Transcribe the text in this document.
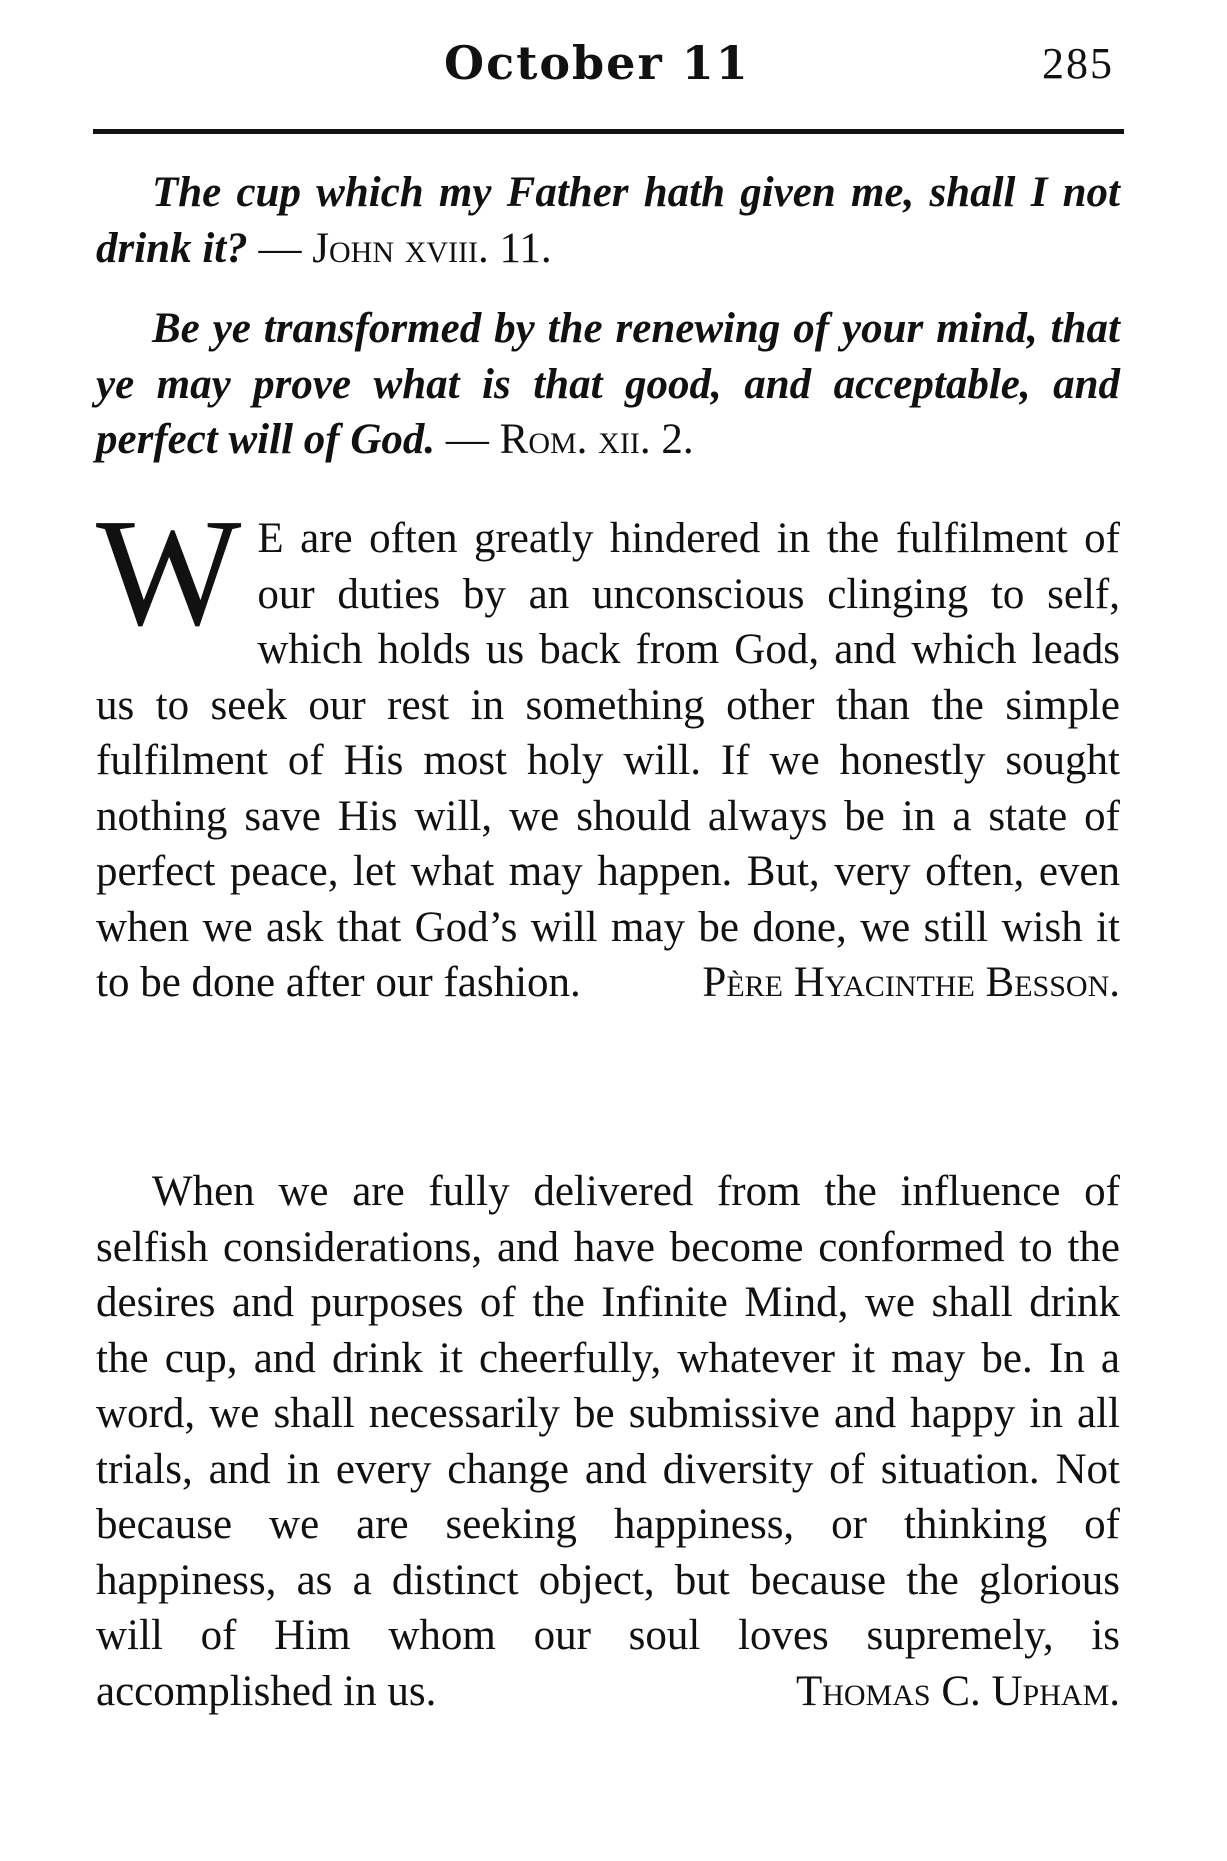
October 11	285

The cup which my Father hath given me, shall I not drink it? — John xviii. 11.

Be ye transformed by the renewing of your mind, that ye may prove what is that good, and acceptable, and perfect will of God. — Rom. xii. 2.

W E are often greatly hindered in the fulfilment of our duties by an unconscious clinging to self, which holds us back from God, and which leads us to seek our rest in something other than the simple fulfilment of His most holy will. If we honestly sought nothing save His will, we should always be in a state of perfect peace, let what may happen. But, very often, even when we ask that God’s will may be done, we still wish it to be done after our fashion.	Père Hyacinthe Besson.

When we are fully delivered from the influence of selfish considerations, and have become conformed to the desires and purposes of the Infinite Mind, we shall drink the cup, and drink it cheerfully, whatever it may be. In a word, we shall necessarily be submissive and happy in all trials, and in every change and diversity of situation. Not because we are seeking happiness, or thinking of happiness, as a distinct object, but because the glorious will of Him whom our soul loves supremely, is accomplished in us.	Thomas C. Upham.
